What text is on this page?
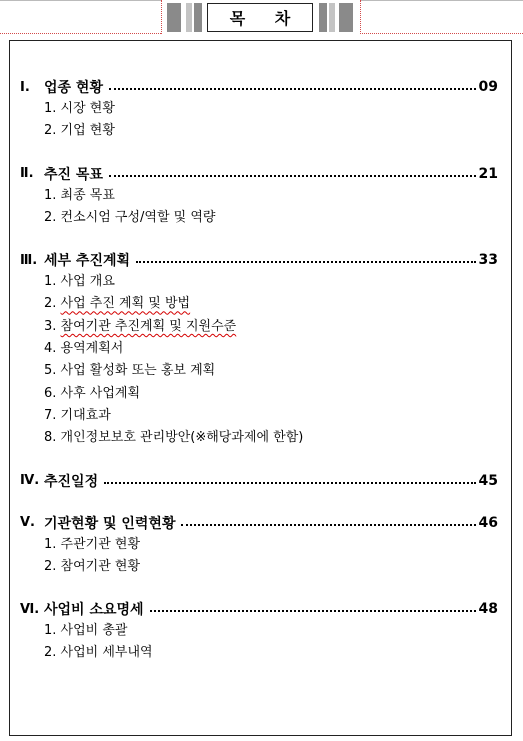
목 차
Ⅰ.	업종 현황	09
1. 시장 현황
2. 기업 현황
Ⅱ. 추진 목표	21
1. 최종 목표
2. 컨소시엄 구성/역할 및 역량
Ⅲ. 세부 추진계획	33
1. 사업 개요
2. 사업 추진 계획 및 방법
3. 참여기관 추진계획 및 지원수준
4. 용역계획서
5. 사업 활성화 또는 홍보 계획
6. 사후 사업계획
7. 기대효과
8. 개인정보보호 관리방안(※해당과제에 한함)
Ⅳ. 추진일정	45
Ⅴ. 기관현황 및 인력현황	46
1. 주관기관 현황
2. 참여기관 현황
Ⅵ. 사업비 소요명세	48
1. 사업비 총괄
2. 사업비 세부내역
